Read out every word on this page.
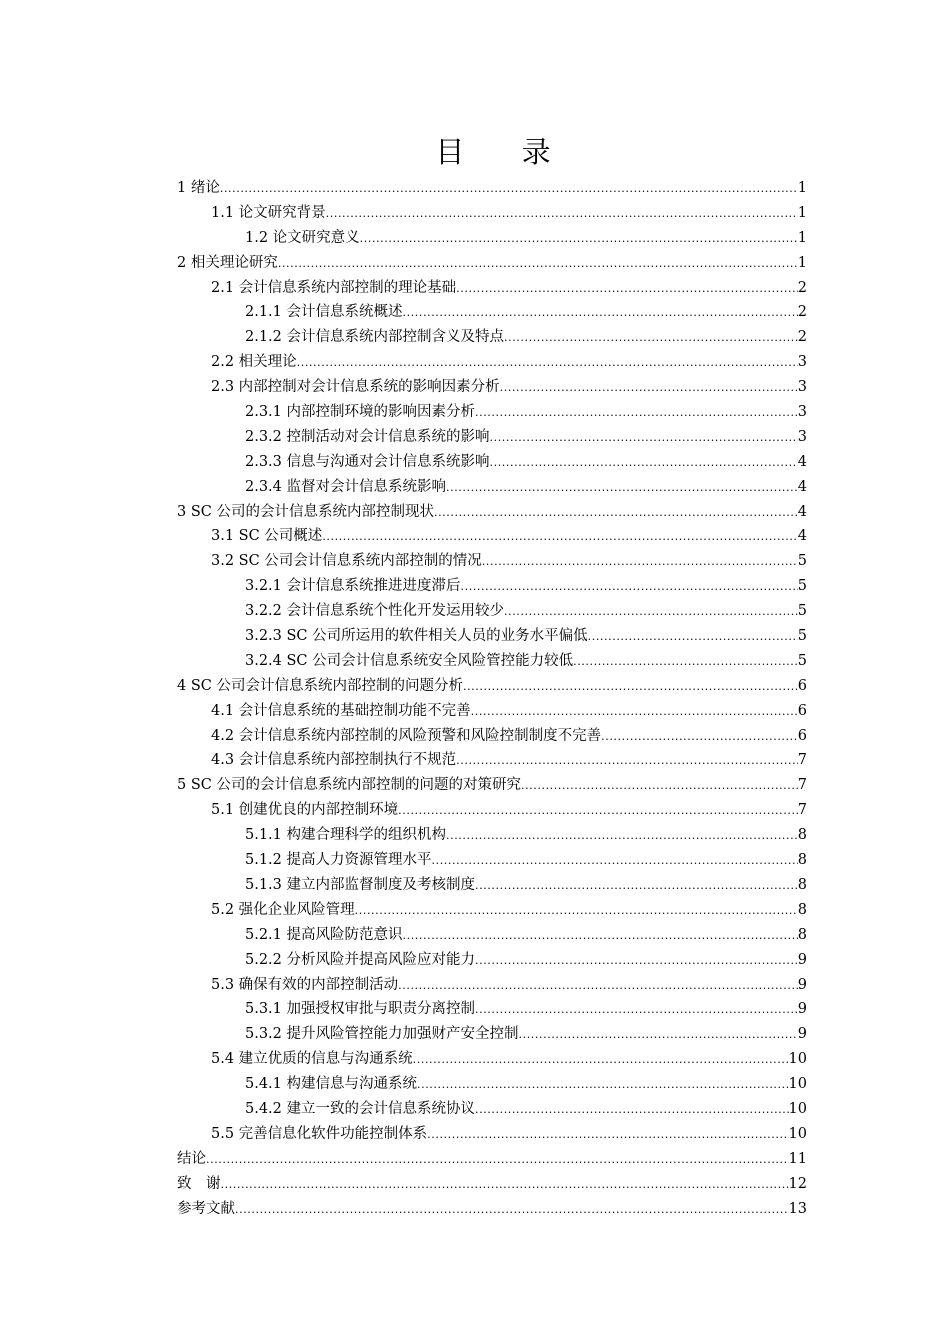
目 录
1 绪论 .....	1
1.1 论文研究背景 .....	1
1.2 论文研究意义 .....	1
2 相关理论研究 .....	1
2.1 会计信息系统内部控制的理论基础 .....	2
2.1.1 会计信息系统概述 .....	2
2.1.2 会计信息系统内部控制含义及特点 .....	2
2.2 相关理论 .....	3
2.3 内部控制对会计信息系统的影响因素分析 .....	3
2.3.1 内部控制环境的影响因素分析 .....	3
2.3.2 控制活动对会计信息系统的影响 .....	3
2.3.3 信息与沟通对会计信息系统影响 .....	4
2.3.4 监督对会计信息系统影响 .....	4
3 SC 公司的会计信息系统内部控制现状 .....	4
3.1 SC 公司概述 .....	4
3.2 SC 公司会计信息系统内部控制的情况 .....	5
3.2.1 会计信息系统推进进度滞后 .....	5
3.2.2 会计信息系统个性化开发运用较少 .....	5
3.2.3 SC 公司所运用的软件相关人员的业务水平偏低 .....	5
3.2.4 SC 公司会计信息系统安全风险管控能力较低 .....	5
4 SC 公司会计信息系统内部控制的问题分析 .....	6
4.1 会计信息系统的基础控制功能不完善 .....	6
4.2 会计信息系统内部控制的风险预警和风险控制制度不完善 .....	6
4.3 会计信息系统内部控制执行不规范 .....	7
5 SC 公司的会计信息系统内部控制的问题的对策研究 .....	7
5.1 创建优良的内部控制环境 .....	7
5.1.1 构建合理科学的组织机构 .....	8
5.1.2 提高人力资源管理水平 .....	8
5.1.3 建立内部监督制度及考核制度 .....	8
5.2 强化企业风险管理 .....	8
5.2.1 提高风险防范意识 .....	8
5.2.2 分析风险并提高风险应对能力 .....	9
5.3 确保有效的内部控制活动 .....	9
5.3.1 加强授权审批与职责分离控制 .....	9
5.3.2 提升风险管控能力加强财产安全控制 .....	9
5.4 建立优质的信息与沟通系统 .....	10
5.4.1 构建信息与沟通系统 .....	10
5.4.2 建立一致的会计信息系统协议 .....	10
5.5 完善信息化软件功能控制体系 .....	10
结论 .....	11
致　谢 .....	12
参考文献 .....	13
